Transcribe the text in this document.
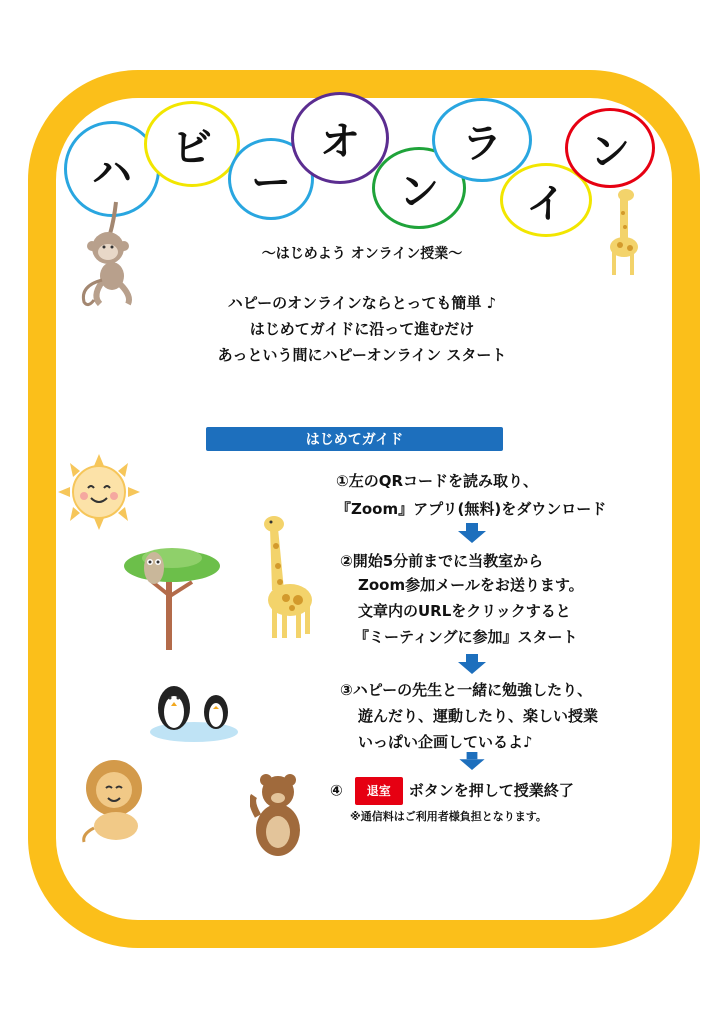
ハ
ビ
ー
オ
ン
ラ
イ
ン
〜はじめよう オンライン授業〜
ハピーのオンラインならとっても簡単 ♪
はじめてガイドに沿って進むだけ
あっという間にハピーオンライン スタート
はじめてガイド
①左のQRコードを読み取り、
『Zoom』アプリ(無料)をダウンロード
②開始5分前までに当教室から
Zoom参加メールをお送ります。
文章内のURLをクリックすると
『ミーティングに参加』スタート
③ハピーの先生と一緒に勉強したり、
遊んだり、運動したり、楽しい授業
いっぱい企画しているよ♪
④ 退室 ボタンを押して授業終了
※通信料はご利用者様負担となります。
